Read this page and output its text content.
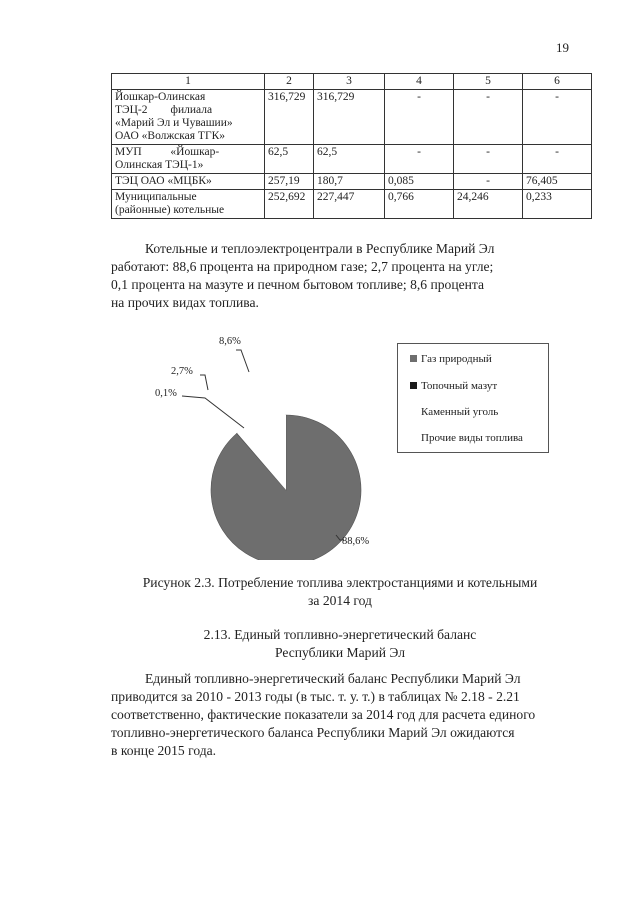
19
1	2	3	4	5	6

Йошкар-Олинская
ТЭЦ-2        филиала
«Марий Эл и Чувашии»
ОАО «Волжская ТГК»	316,729	316,729	-	-	-

МУП          «Йошкар-
Олинская ТЭЦ-1»	62,5	62,5	-	-	-

ТЭЦ ОАО «МЦБК»	257,19	180,7	0,085	-	76,405

Муниципальные
(районные) котельные	252,692	227,447	0,766	24,246	0,233
Котельные и теплоэлектроцентрали в Республике Марий Эл
работают: 88,6 процента на природном газе; 2,7 процента на угле;
0,1 процента на мазуте и печном бытовом топливе; 8,6 процента
на прочих видах топлива.
8,6%
2,7%
0,1%
88,6%
Газ природный
Топочный мазут
Каменный уголь
Прочие виды топлива
Рисунок 2.3. Потребление топлива электростанциями и котельными
за 2014 год
2.13. Единый топливно-энергетический баланс
Республики Марий Эл
Единый топливно-энергетический баланс Республики Марий Эл
приводится за 2010 - 2013 годы (в тыс. т. у. т.) в таблицах № 2.18 - 2.21
соответственно, фактические показатели за 2014 год для расчета единого
топливно-энергетического баланса Республики Марий Эл ожидаются
в конце 2015 года.
